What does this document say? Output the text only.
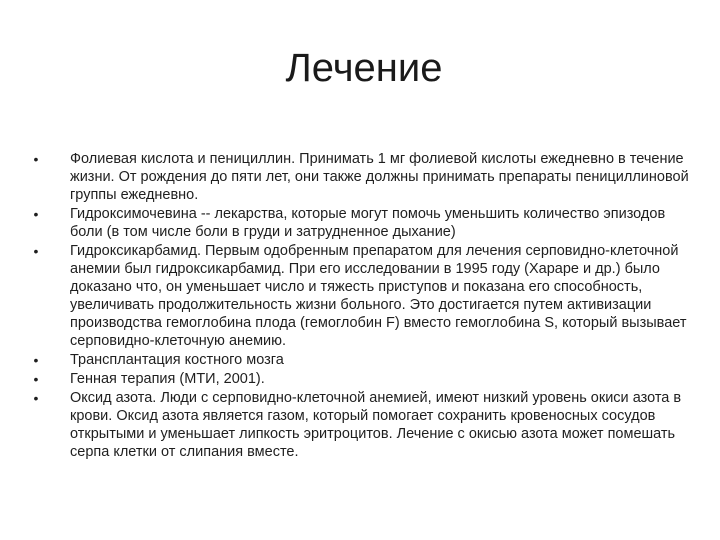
Лечение
• Фолиевая кислота и пенициллин. Принимать 1 мг фолиевой кислоты ежедневно в течение жизни. От рождения до пяти лет, они также должны принимать препараты пенициллиновой группы ежедневно.
• Гидроксимочевина -- лекарства, которые могут помочь уменьшить количество эпизодов боли (в том числе боли в груди и затрудненное дыхание)
• Гидроксикарбамид. Первым одобренным препаратом для лечения серповидно-клеточной анемии был гидроксикарбамид. При его исследовании в 1995 году (Хараре и др.) было доказано что, он уменьшает число и тяжесть приступов и показана его способность, увеличивать продолжительность жизни больного. Это достигается путем активизации производства гемоглобина плода (гемоглобин F) вместо гемоглобина S, который вызывает серповидно-клеточную анемию.
• Трансплантация костного мозга
• Генная терапия (МТИ, 2001).
• Оксид азота. Люди с серповидно-клеточной анемией, имеют низкий уровень окиси азота в крови. Оксид азота является газом, который помогает сохранить кровеносных сосудов открытыми и уменьшает липкость эритроцитов. Лечение с окисью азота может помешать серпа клетки от слипания вместе.
